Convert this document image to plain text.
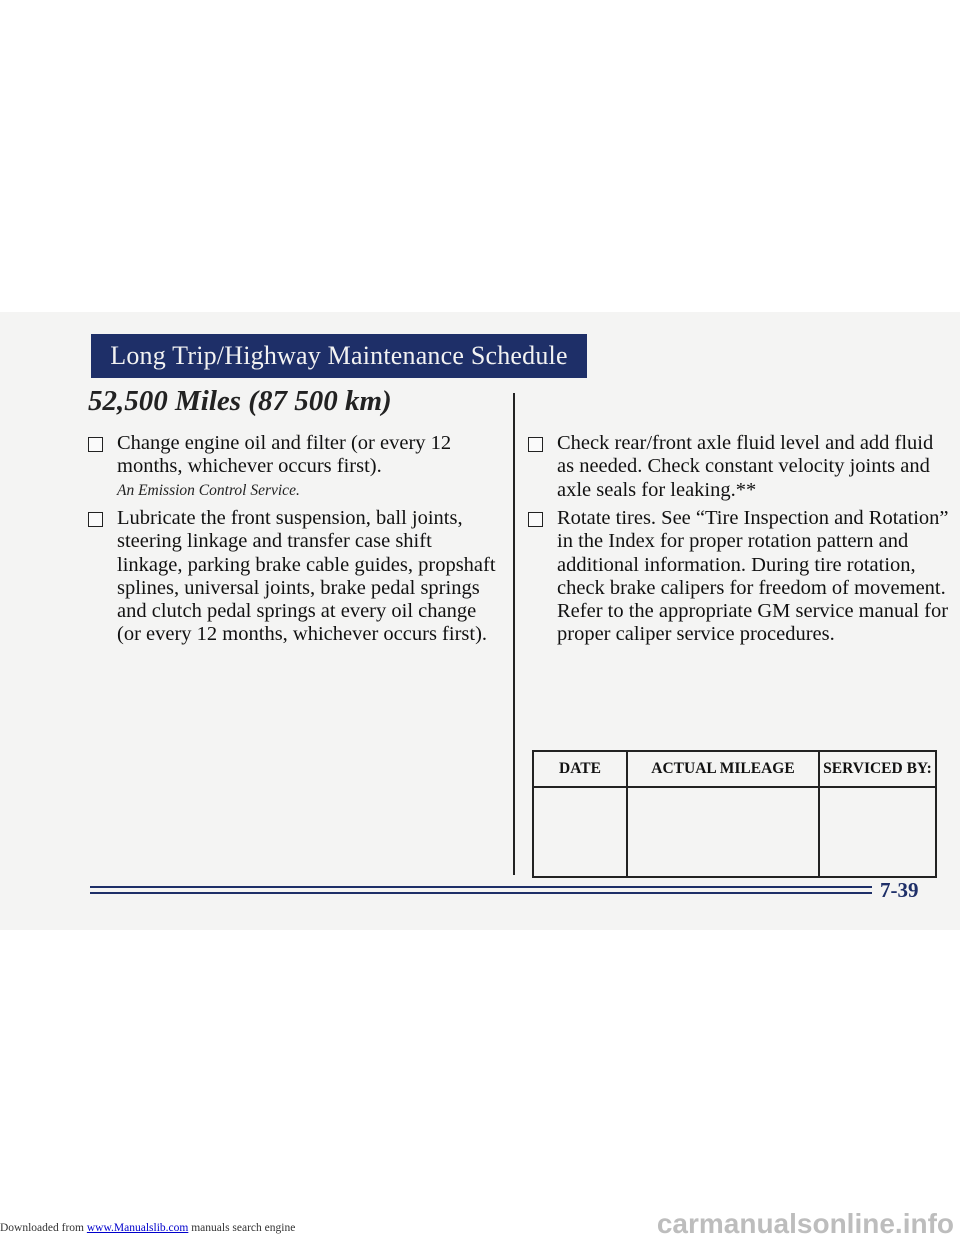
Long Trip/Highway Maintenance Schedule
52,500 Miles (87 500 km)

Change engine oil and filter (or every 12 months, whichever occurs first).

An Emission Control Service.

Lubricate the front suspension, ball joints, steering linkage and transfer case shift linkage, parking brake cable guides, propshaft splines, universal joints, brake pedal springs and clutch pedal springs at every oil change (or every 12 months, whichever occurs first).

Check rear/front axle fluid level and add fluid as needed. Check constant velocity joints and axle seals for leaking.**

Rotate tires. See “Tire Inspection and Rotation” in the Index for proper rotation pattern and additional information. During tire rotation, check brake calipers for freedom of movement. Refer to the appropriate GM service manual for proper caliper service procedures.

DATE	ACTUAL MILEAGE	SERVICED BY:

7-39
Downloaded from www.Manualslib.com manuals search engine	carmanualsonline.info
